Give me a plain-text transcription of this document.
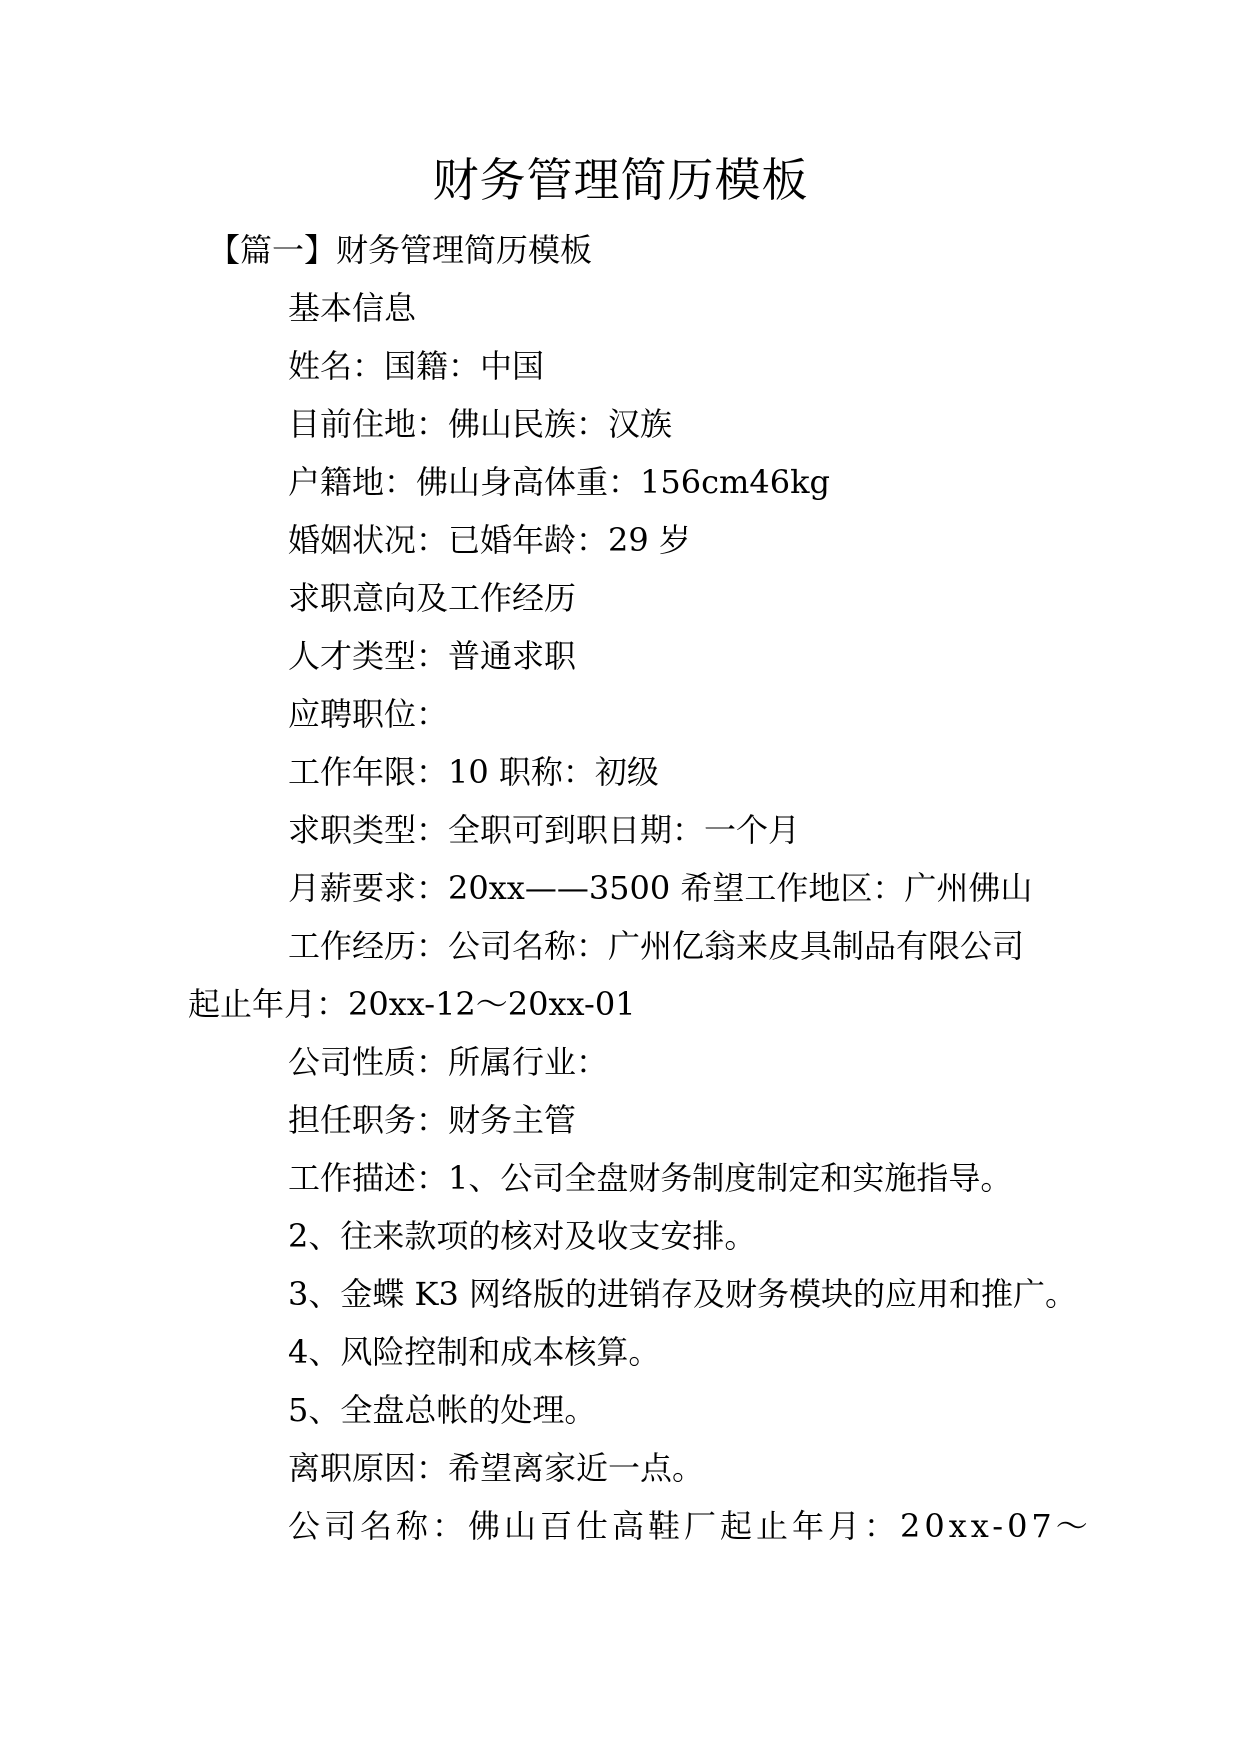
财务管理简历模板
【篇一】财务管理简历模板
基本信息
姓名：国籍：中国
目前住地：佛山民族：汉族
户籍地：佛山身高体重：156cm46kg
婚姻状况：已婚年龄：29 岁
求职意向及工作经历
人才类型：普通求职
应聘职位：
工作年限：10 职称：初级
求职类型：全职可到职日期：一个月
月薪要求：20xx——3500 希望工作地区：广州佛山
工作经历：公司名称：广州亿翁来皮具制品有限公司
起止年月：20xx-12～20xx-01
公司性质：所属行业：
担任职务：财务主管
工作描述：1、公司全盘财务制度制定和实施指导。
2、往来款项的核对及收支安排。
3、金蝶 K3 网络版的进销存及财务模块的应用和推广。
4、风险控制和成本核算。
5、全盘总帐的处理。
离职原因：希望离家近一点。
公司名称：佛山百仕高鞋厂起止年月：20xx-07～
